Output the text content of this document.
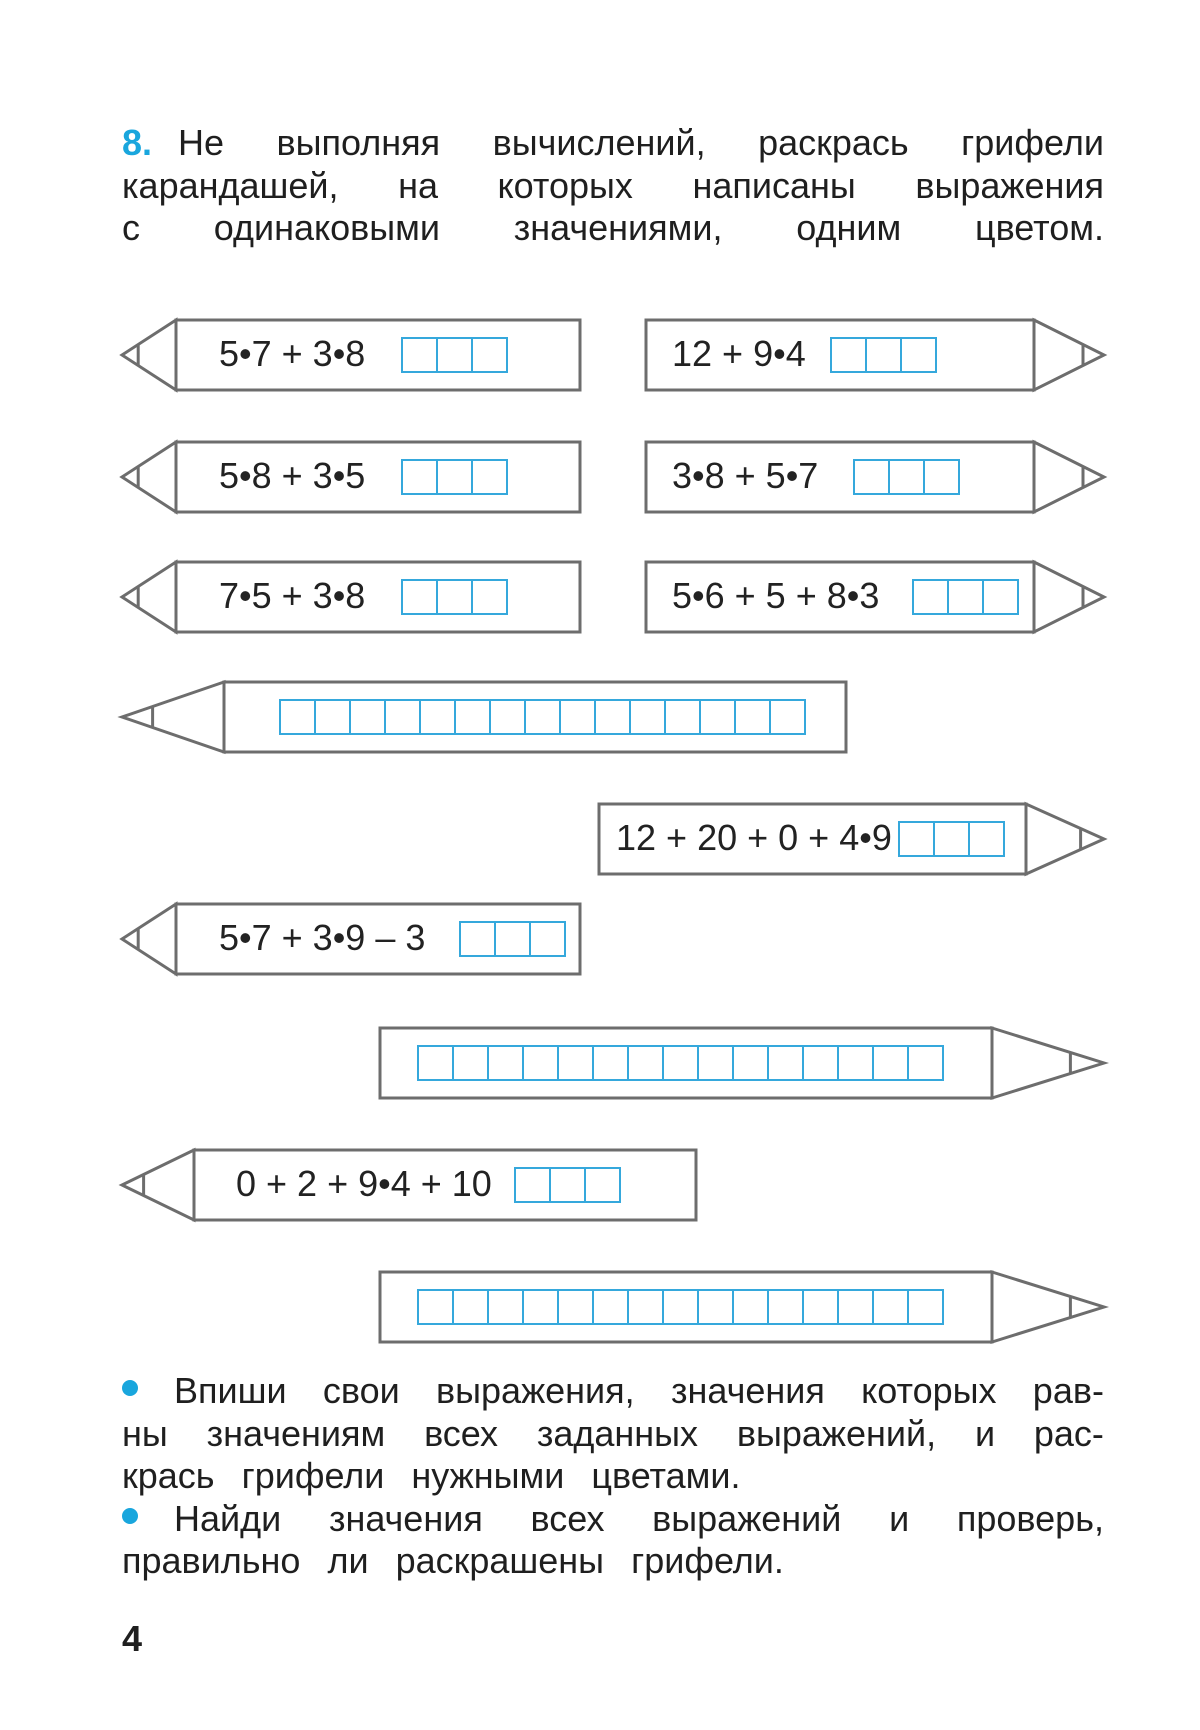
8. Не выполняя вычислений, раскрась грифели
карандашей, на которых написаны выражения
с одинаковыми значениями, одним цветом.
5•7 + 3•8	12 + 9•4
5•8 + 3•5	3•8 + 5•7
7•5 + 3•8	5•6 + 5 + 8•3
12 + 20 + 0 + 4•9
5•7 + 3•9 – 3
0 + 2 + 9•4 + 10
Впиши свои выражения, значения которых рав-
ны значениям всех заданных выражений, и рас-
крась грифели нужными цветами.
Найди значения всех выражений и проверь,
правильно ли раскрашены грифели.
4
